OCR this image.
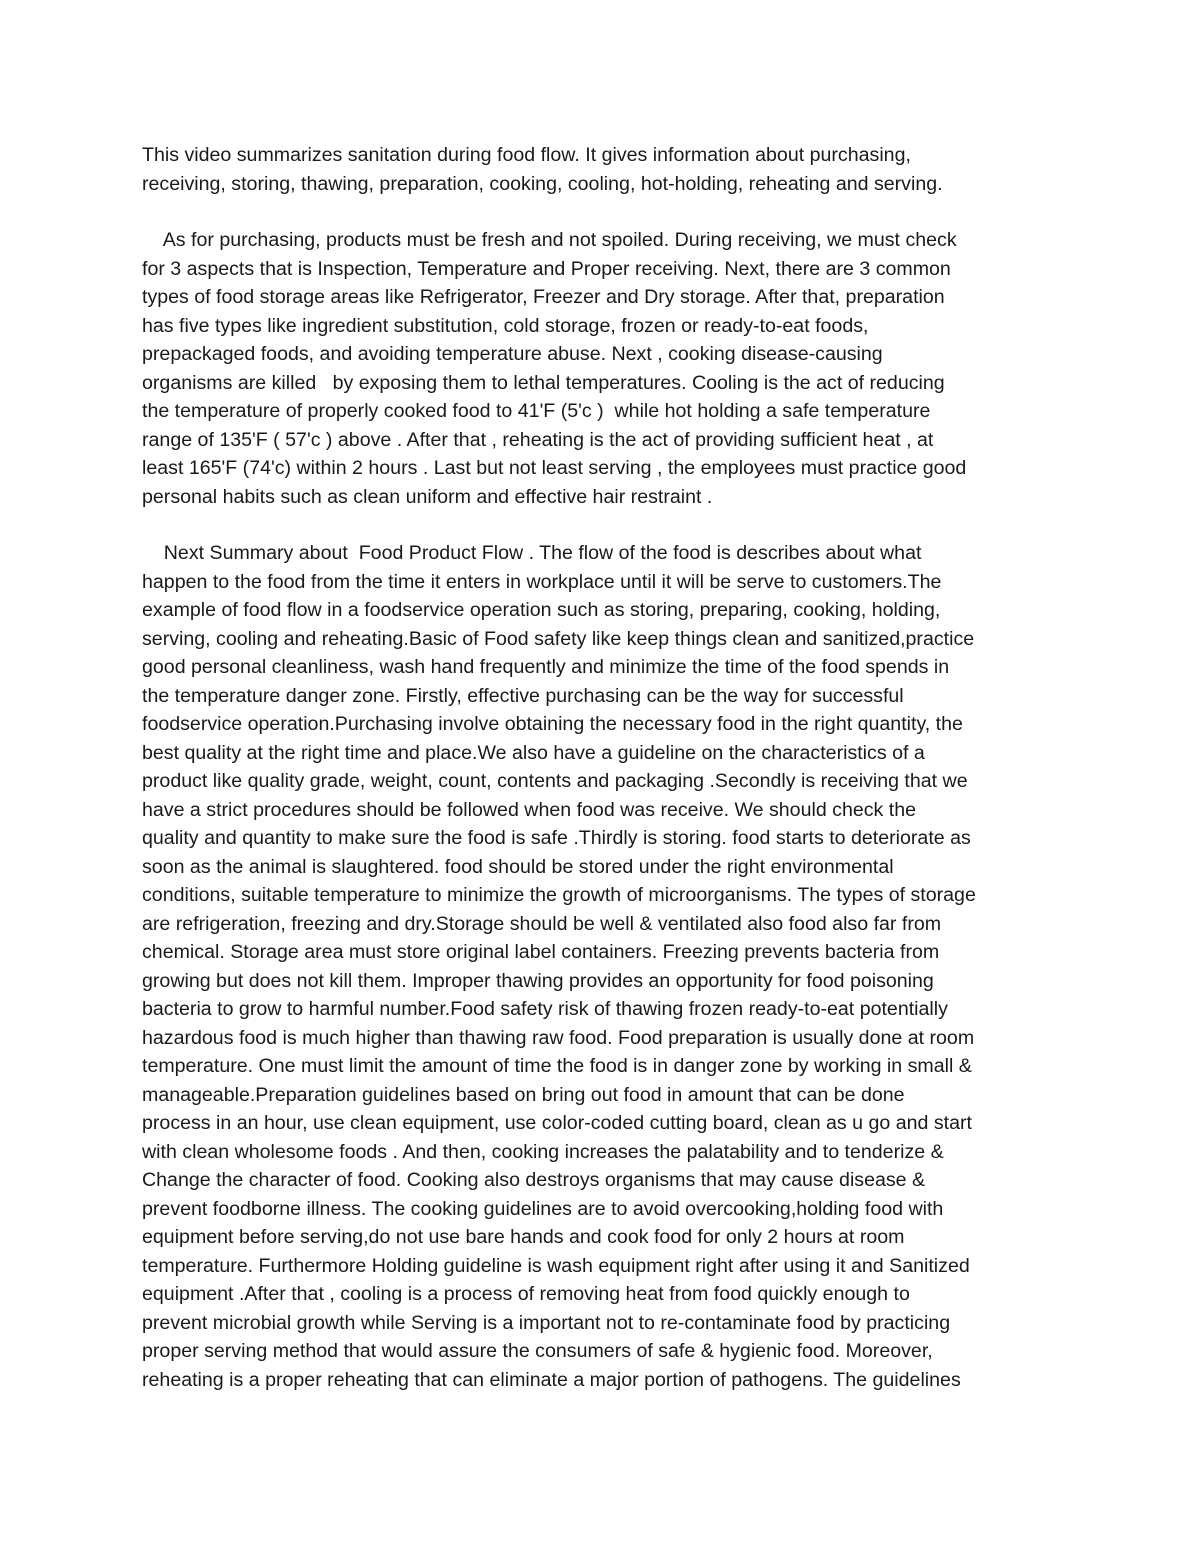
This video summarizes sanitation during food flow. It gives information about purchasing,
receiving, storing, thawing, preparation, cooking, cooling, hot-holding, reheating and serving.
As for purchasing, products must be fresh and not spoiled. During receiving, we must check
for 3 aspects that is Inspection, Temperature and Proper receiving. Next, there are 3 common
types of food storage areas like Refrigerator, Freezer and Dry storage. After that, preparation
has five types like ingredient substitution, cold storage, frozen or ready-to-eat foods,
prepackaged foods, and avoiding temperature abuse. Next , cooking disease-causing
organisms are killed   by exposing them to lethal temperatures. Cooling is the act of reducing
the temperature of properly cooked food to 41'F (5'c )  while hot holding a safe temperature
range of 135'F ( 57'c ) above . After that , reheating is the act of providing sufficient heat , at
least 165'F (74'c) within 2 hours . Last but not least serving , the employees must practice good
personal habits such as clean uniform and effective hair restraint .
Next Summary about  Food Product Flow . The flow of the food is describes about what
happen to the food from the time it enters in workplace until it will be serve to customers.The
example of food flow in a foodservice operation such as storing, preparing, cooking, holding,
serving, cooling and reheating.Basic of Food safety like keep things clean and sanitized,practice
good personal cleanliness, wash hand frequently and minimize the time of the food spends in
the temperature danger zone. Firstly, effective purchasing can be the way for successful
foodservice operation.Purchasing involve obtaining the necessary food in the right quantity, the
best quality at the right time and place.We also have a guideline on the characteristics of a
product like quality grade, weight, count, contents and packaging .Secondly is receiving that we
have a strict procedures should be followed when food was receive. We should check the
quality and quantity to make sure the food is safe .Thirdly is storing. food starts to deteriorate as
soon as the animal is slaughtered. food should be stored under the right environmental
conditions, suitable temperature to minimize the growth of microorganisms. The types of storage
are refrigeration, freezing and dry.Storage should be well & ventilated also food also far from
chemical. Storage area must store original label containers. Freezing prevents bacteria from
growing but does not kill them. Improper thawing provides an opportunity for food poisoning
bacteria to grow to harmful number.Food safety risk of thawing frozen ready-to-eat potentially
hazardous food is much higher than thawing raw food. Food preparation is usually done at room
temperature. One must limit the amount of time the food is in danger zone by working in small &
manageable.Preparation guidelines based on bring out food in amount that can be done
process in an hour, use clean equipment, use color-coded cutting board, clean as u go and start
with clean wholesome foods . And then, cooking increases the palatability and to tenderize &
Change the character of food. Cooking also destroys organisms that may cause disease &
prevent foodborne illness. The cooking guidelines are to avoid overcooking,holding food with
equipment before serving,do not use bare hands and cook food for only 2 hours at room
temperature. Furthermore Holding guideline is wash equipment right after using it and Sanitized
equipment .After that , cooling is a process of removing heat from food quickly enough to
prevent microbial growth while Serving is a important not to re-contaminate food by practicing
proper serving method that would assure the consumers of safe & hygienic food. Moreover,
reheating is a proper reheating that can eliminate a major portion of pathogens. The guidelines
